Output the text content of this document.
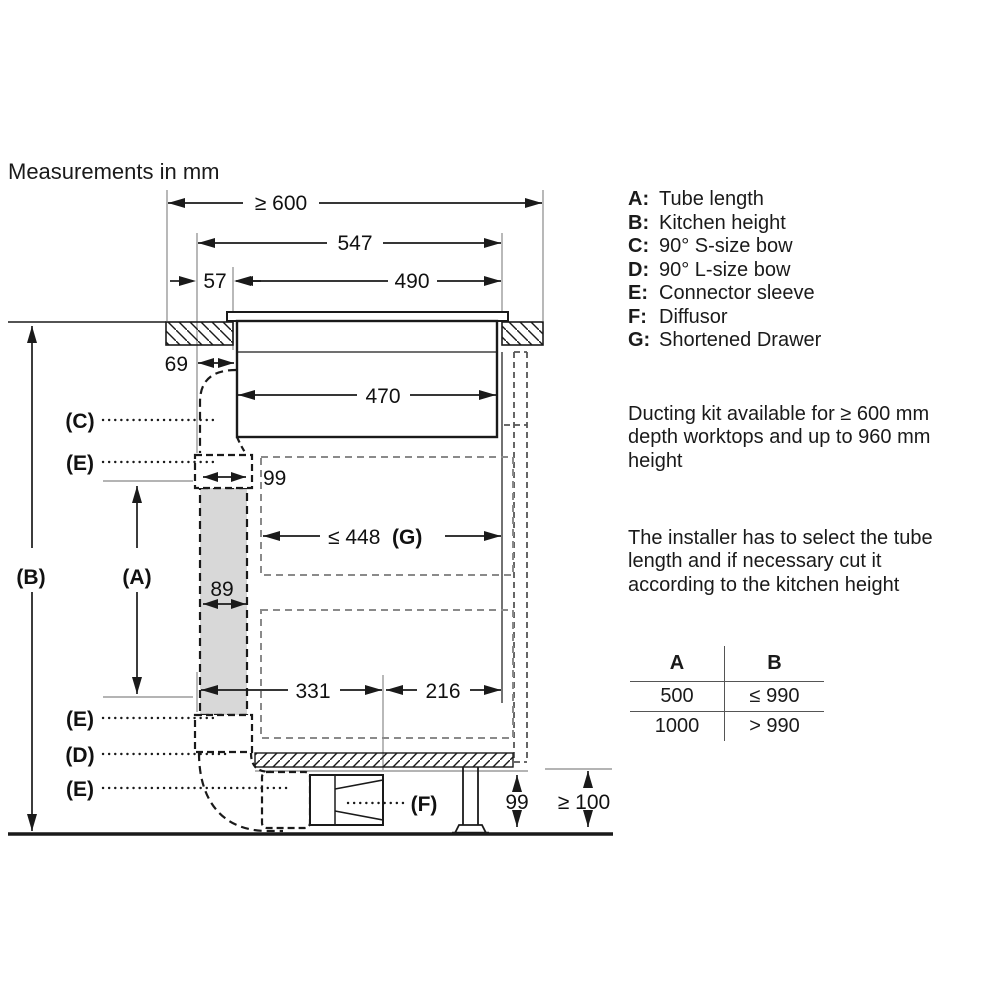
Measurements in mm
≥ 600
547
57	490
69
470
99
89
≤ 448 (G)
331	216
99 ≥ 100
(B)	(A)
(C)
(E)
(E)
(D)
(E)
(F)
A: Tube length
B: Kitchen height
C: 90° S-size bow
D: 90° L-size bow
E: Connector sleeve
F: Diffusor
G: Shortened Drawer
Ducting kit available for ≥ 600 mm
depth worktops and up to 960 mm
height
The installer has to select the tube
length and if necessary cut it
according to the kitchen height
A	B
500	≤ 990
1000	> 990
